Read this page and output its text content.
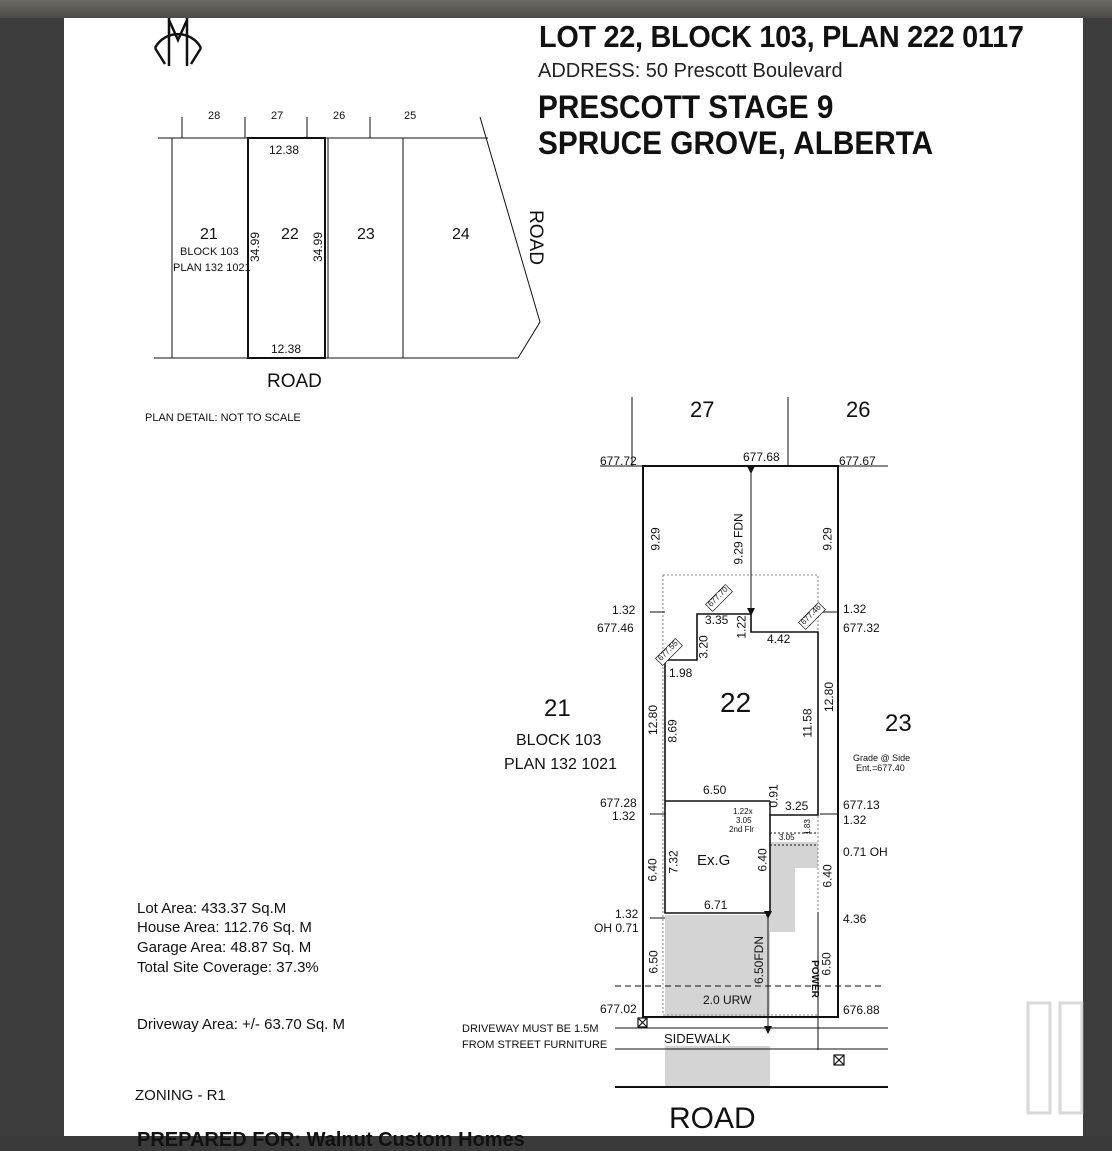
LOT 22, BLOCK 103, PLAN 222 0117
ADDRESS: 50 Prescott Boulevard
PRESCOTT STAGE 9
SPRUCE GROVE, ALBERTA
28	27	26	25
12.38
12.38
21
BLOCK 103
PLAN 132 1021
22	23	24
34.99	34.99	ROAD
ROAD
PLAN DETAIL: NOT TO SCALE
677.55
677.70
677.46
27	26
677.72	677.68	677.67
9.29	9.29
9.29 FDN
1.32
677.46
1.32
677.32
3.35 1.22
4.42
3.20
1.98
22
8.69	11.58
12.80
12.80
21
BLOCK 103
PLAN 132 1021
23
Grade @ Side
Ent.=677.40
6.50	0.91 3.25
677.28
1.32
677.13
1.32
1.22x
3.05
2nd Flr
3.05
1.83
0.71 OH
7.32
6.40	6.40
6.40
Ex.G
6.71
1.32
OH 0.71
4.36
6.50	6.50
6.50FDN	POWER
2.0 URW
677.02	676.88
DRIVEWAY MUST BE 1.5M
FROM STREET FURNITURE	SIDEWALK
ROAD
Lot Area: 433.37 Sq.M
House Area: 112.76 Sq. M
Garage Area: 48.87 Sq. M
Total Site Coverage: 37.3%
Driveway Area: +/- 63.70 Sq. M
ZONING - R1
PREPARED FOR: Walnut Custom Homes
